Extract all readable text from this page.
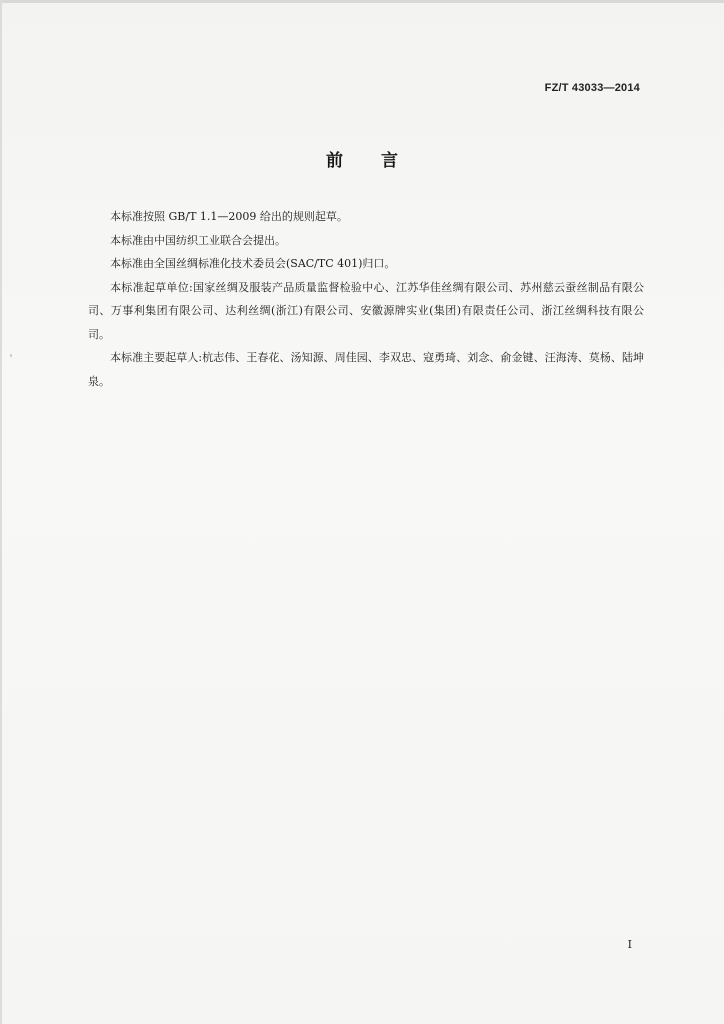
FZ/T 43033—2014
前言

本标准按照 GB/T 1.1—2009 给出的规则起草。

本标准由中国纺织工业联合会提出。

本标准由全国丝绸标准化技术委员会(SAC/TC 401)归口。

本标准起草单位:国家丝绸及服装产品质量监督检验中心、江苏华佳丝绸有限公司、苏州慈云蚕丝制品有限公司、万事利集团有限公司、达利丝绸(浙江)有限公司、安徽源牌实业(集团)有限责任公司、浙江丝绸科技有限公司。

本标准主要起草人:杭志伟、王春花、汤知源、周佳园、李双忠、寇勇琦、刘念、俞金键、汪海涛、莫杨、陆坤泉。

I
